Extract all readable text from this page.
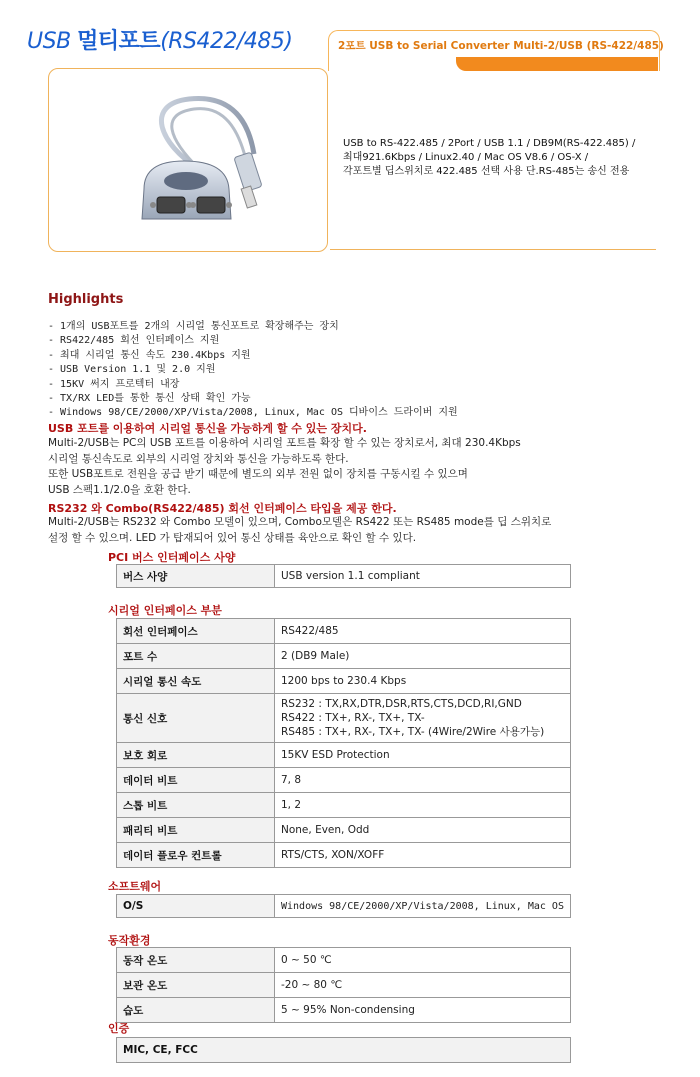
USB 멀티포트(RS422/485)	2포트 USB to Serial Converter Multi-2/USB (RS-422/485)
USB to RS-422.485 / 2Port / USB 1.1 / DB9M(RS-422.485) /
최대921.6Kbps / Linux2.40 / Mac OS V8.6 / OS-X /
각포트별 딥스위치로 422.485 선택 사용 단.RS-485는 송신 전용
Highlights
- 1개의 USB포트를 2개의 시리얼 통신포트로 확장해주는 장치
- RS422/485 회선 인터페이스 지원
- 최대 시리얼 통신 속도 230.4Kbps 지원
- USB Version 1.1 및 2.0 지원
- 15KV 써지 프로텍터 내장
- TX/RX LED를 통한 통신 상태 확인 가능
- Windows 98/CE/2000/XP/Vista/2008, Linux, Mac OS 디바이스 드라이버 지원
USB 포트를 이용하여 시리얼 통신을 가능하게 할 수 있는 장치다.
Multi-2/USB는 PC의 USB 포트를 이용하여 시리얼 포트를 확장 할 수 있는 장치로서, 최대 230.4Kbps
시리얼 통신속도로 외부의 시리얼 장치와 통신을 가능하도록 한다.
또한 USB포트로 전원을 공급 받기 때문에 별도의 외부 전원 없이 장치를 구동시킬 수 있으며
USB 스펙1.1/2.0을 호환 한다.
RS232 와 Combo(RS422/485) 회선 인터페이스 타입을 제공 한다.
Multi-2/USB는 RS232 와 Combo 모델이 있으며, Combo모델은 RS422 또는 RS485 mode를 딥 스위치로
설정 할 수 있으며. LED 가 탑재되어 있어 통신 상태를 육안으로 확인 할 수 있다.
PCI 버스 인터페이스 사양
버스 사양	USB version 1.1 compliant
시리얼 인터페이스 부분
회선 인터페이스	RS422/485
포트 수	2 (DB9 Male)
시리얼 통신 속도	1200 bps to 230.4 Kbps
통신 신호	RS232 : TX,RX,DTR,DSR,RTS,CTS,DCD,RI,GND
RS422 : TX+, RX-, TX+, TX-
RS485 : TX+, RX-, TX+, TX- (4Wire/2Wire 사용가능)

보호 회로	15KV ESD Protection
데이터 비트	7, 8
스톱 비트	1, 2
패리티 비트	None, Even, Odd
데이터 플로우 컨트롤	RTS/CTS, XON/XOFF
소프트웨어
O/S	Windows 98/CE/2000/XP/Vista/2008, Linux, Mac OS
동작환경
동작 온도	0 ~ 50 ℃
보관 온도	-20 ~ 80 ℃
습도	5 ~ 95% Non-condensing
인증
MIC, CE, FCC
